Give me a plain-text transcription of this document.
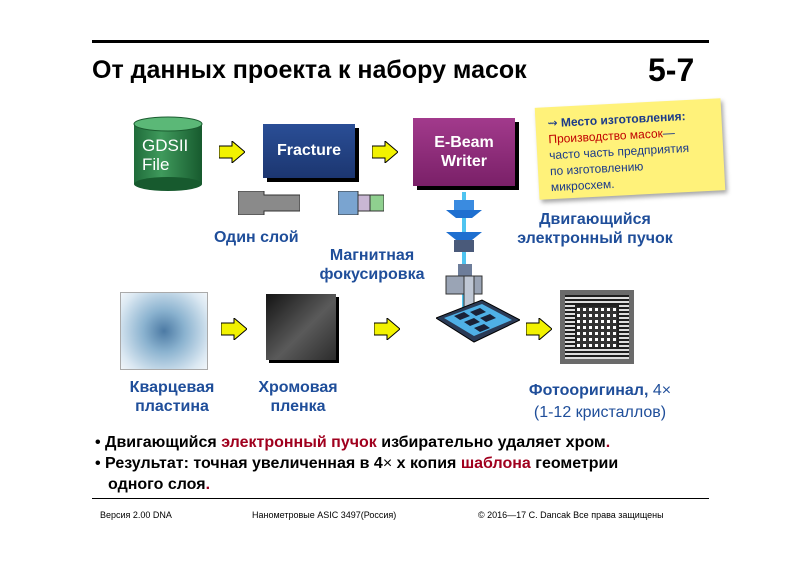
От данных проекта к набору масок	5-7
GDSII
File
Fracture	E-Beam
Writer
⇝ Место изготовления:
Производство масок—
часто часть предприятия
по изготовлению
микросхем.
Один слой
Магнитная
фокусировка
Двигающийся
электронный пучок
Кварцевая
пластина
Хромовая
пленка
Фотооригинал, 4×
(1-12 кристаллов)
• Двигающийся электронный пучок избирательно удаляет хром.
• Результат: точная увеличенная в 4× х копия шаблона геометрии
одного слоя.
Версия 2.00 DNA	Нанометровые ASIC 3497(Россия)	© 2016—17 C. Dancak Все права защищены
